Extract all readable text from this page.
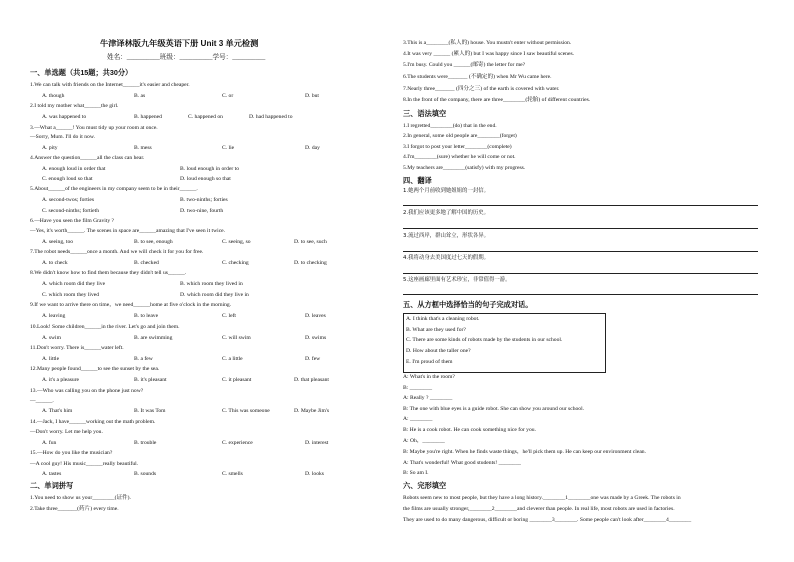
牛津译林版九年级英语下册 Unit 3 单元检测
姓名：__________班级：__________学号：__________
一、单选题（共15题；共30分）
1.We can talk with friends on the Internet______it's easier and cheaper.
A. though	B. as	C. or	D. but
2.I told my mother what______the girl.
A. was happened to	B. happened	C. happened on	D. had happened to
3.—What a______! You must tidy up your room at once.
—Sorry, Mum. I'll do it now.
A. pity	B. mess	C. lie	D. day
4.Answer the question______all the class can hear.
A. enough loud in order that	B. loud enough in order to
C. enough loud so that	D. loud enough so that
5.About______of the engineers in my company seem to be in their______.
A. second-twos; forties	B. two-ninths; forties
C. second-ninths; fortieth	D. two-nine, fourth
6.—Have you seen the film Gravity ?
—Yes, it's worth______. The scenes in space are______amazing that I've seen it twice.
A. seeing, too	B. to see, enough	C. seeing, so	D. to see, such
7.The robot needs______once a month. And we will check it for you for free.
A. to check	B. checked	C. checking	D. to checking
8.We didn't know how to find them because they didn't tell us______.
A. which room did they live	B. which room they lived in
C. which room they lived	D. which room did they live in
9.If we want to arrive there on time，we need______home at five o'clock in the morning.
A. leaving	B. to leave	C. left	D. leaves
10.Look! Some children______in the river. Let's go and join them.
A. swim	B. are swimming	C. will swim	D. swims
11.Don't worry. There is______water left.
A. little	B. a few	C. a little	D. few
12.Many people found______to see the sunset by the sea.
A. it's a pleasure	B. it's pleasant	C. it pleasant	D. that pleasant
13.—Who was calling you on the phone just now?
—______.
A. That's him	B. It was Tom	C. This was someone	D. Maybe Jim's
14.—Jack, I have______working out the math problem.
—Don't worry. Let me help you.
A. fun	B. trouble	C. experience	D. interest
15.—How do you like the musician?
—A cool guy! His music______really beautiful.
A. tastes	B. sounds	C. smells	D. looks
二、单词拼写
1.You need to show us your________(证件).
2.Take three_______(药片) every time.
3.This is a________(私人的) house. You mustn't enter without permission.
4.It was very ______ (累人的) but I was happy since I saw beautiful scenes.
5.I'm busy. Could you ______(邮寄) the letter for me?
6.The students were_______ (不确定的) when Mr Wu came here.
7.Nearly three_______ (四分之三) of the earth is covered with water.
8.In the front of the company, there are three________(轮胎) of different countries.
三、语法填空
1.I regretted________(do) that in the end.
2.In general, some old people are________(forget)
3.I forgot to post your letter________(complete)
4.I'm________(sure) whether he will come or not.
5.My teachers are________(satisfy) with my progress.
四、翻译
1.她两个月前收到她姐姐的一封信。
2.我们应该更多地了解中国的历史。
3.流过西岸，群山耸立，形状各异。
4.我将动身去美国度过七天的假期。
5.这座画廊里面有艺术珍宝，非常值得一游。
五、从方框中选择恰当的句子完成对话。
A. I think that's a cleaning robot.
B. What are they used for?
C. There are some kinds of robots made by the students in our school.
D. How about the taller one?
E. I'm proud of them
A: What's in the room?
B: ________
A: Really ? ________
B: The one with blue eyes is a guide robot. She can show you around our school.
A: ________
B: He is a cook robot. He can cook something nice for you.
A: Oh，________
B: Maybe you're right. When he finds waste things，he'll pick them up. He can keep our environment clean.
A: That's wonderful! What good students! ________
B: So am I.
六、完形填空
Robots seem new to most people, but they have a long history.________1________one was made by a Greek. The robots in
the films are usually stronger,________2________and cleverer than people. In real life, most robots are used in factories.
They are used to do many dangerous, difficult or boring ________3________. Some people can't look after________4________
